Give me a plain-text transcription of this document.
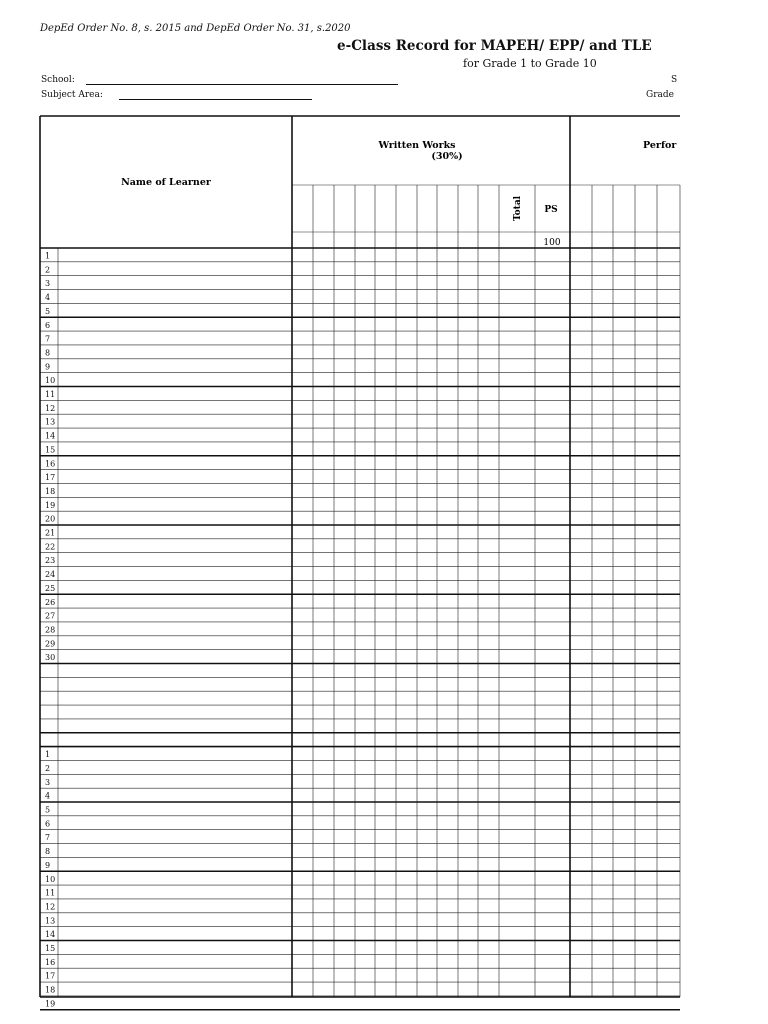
DepEd Order No. 8, s. 2015 and DepEd Order No. 31, s.2020
e-Class Record for MAPEH/ EPP/ and TLE
for Grade 1 to Grade 10
School:
Subject Area:
S
Grade
1
2
3
4
5
6
7
8
9
10
11
12
13
14
15
16
17
18
19
20
21
22
23
24
25
26
27
28
29
30
1
2
3
4
5
6
7
8
9
10
11
12
13
14
15
16
17
18
19
Name of Learner
Written Works
(30%)
Perfor
Total PS
100
